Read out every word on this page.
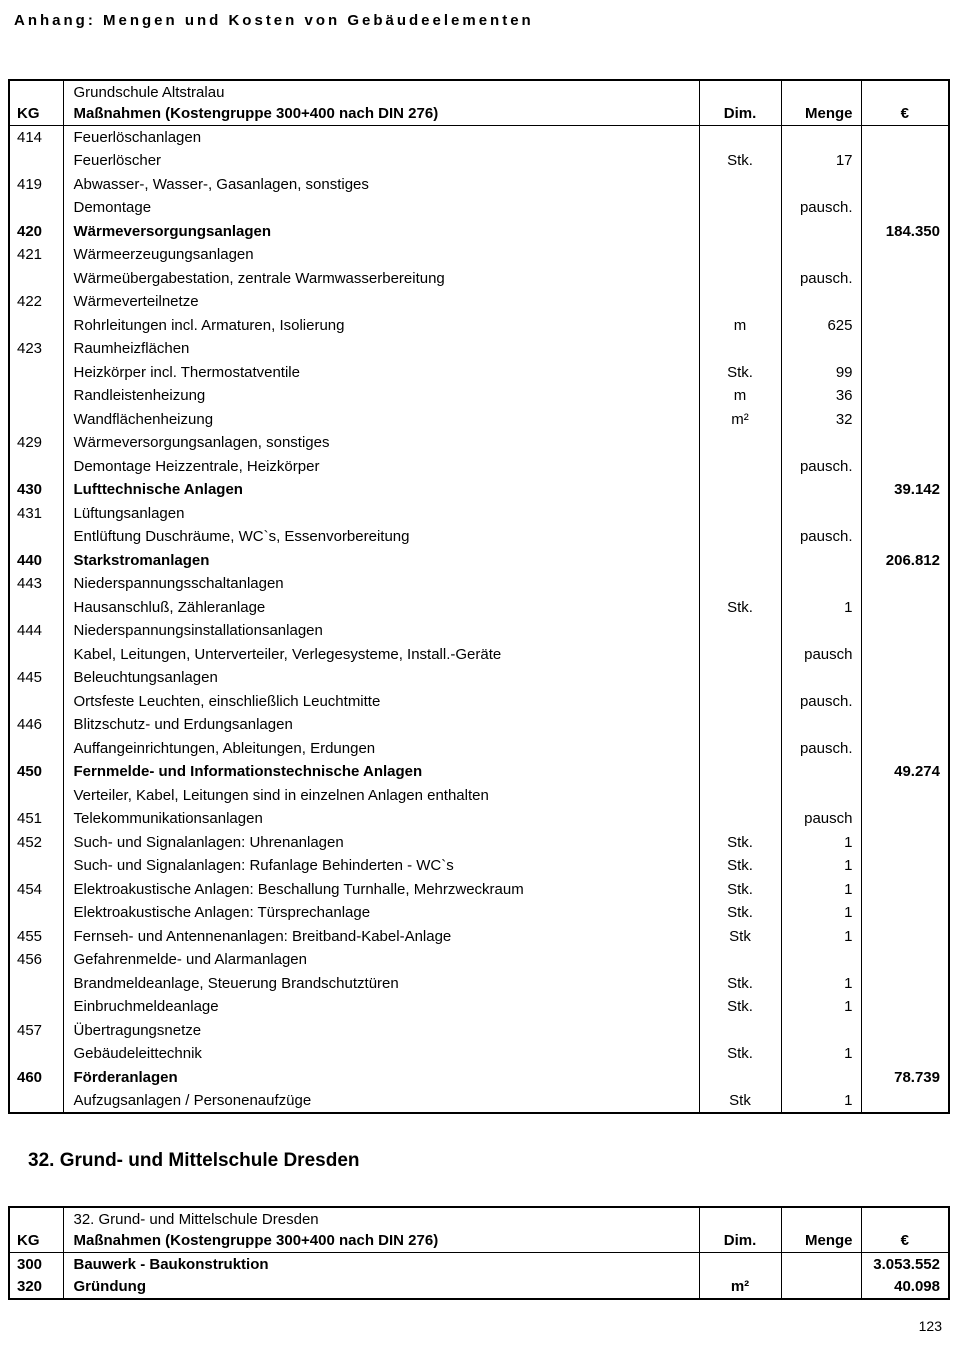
Anhang: Mengen und Kosten von Gebäudeelementen
KG	Grundschule Altstralau
Maßnahmen (Kostengruppe 300+400 nach DIN 276)	Dim.	Menge	€
414	Feuerlöschanlagen			
	Feuerlöscher	Stk.	17	
419	Abwasser-, Wasser-, Gasanlagen, sonstiges			
	Demontage		pausch.	
420	Wärmeversorgungsanlagen			184.350
421	Wärmeerzeugungsanlagen			
	Wärmeübergabestation, zentrale Warmwasserbereitung		pausch.	
422	Wärmeverteilnetze			
	Rohrleitungen incl. Armaturen, Isolierung	m	625	
423	Raumheizflächen			
	Heizkörper incl. Thermostatventile	Stk.	99	
	Randleistenheizung	m	36	
	Wandflächenheizung	m²	32	
429	Wärmeversorgungsanlagen, sonstiges			
	Demontage Heizzentrale, Heizkörper		pausch.	
430	Lufttechnische Anlagen			39.142
431	Lüftungsanlagen			
	Entlüftung Duschräume, WC`s, Essenvorbereitung		pausch.	
440	Starkstromanlagen			206.812
443	Niederspannungsschaltanlagen			
	Hausanschluß, Zähleranlage	Stk.	1	
444	Niederspannungsinstallationsanlagen			
	Kabel, Leitungen, Unterverteiler, Verlegesysteme, Install.-Geräte		pausch	
445	Beleuchtungsanlagen			
	Ortsfeste Leuchten, einschließlich Leuchtmitte		pausch.	
446	Blitzschutz- und Erdungsanlagen			
	Auffangeinrichtungen, Ableitungen, Erdungen		pausch.	
450	Fernmelde- und Informationstechnische Anlagen			49.274
	Verteiler, Kabel, Leitungen sind in einzelnen Anlagen enthalten			
451	Telekommunikationsanlagen		pausch	
452	Such- und Signalanlagen: Uhrenanlagen	Stk.	1	
	Such- und Signalanlagen: Rufanlage Behinderten - WC`s	Stk.	1	
454	Elektroakustische Anlagen: Beschallung Turnhalle, Mehrzweckraum	Stk.	1	
	Elektroakustische Anlagen: Türsprechanlage	Stk.	1	
455	Fernseh- und Antennenanlagen: Breitband-Kabel-Anlage	Stk	1	
456	Gefahrenmelde- und Alarmanlagen			
	Brandmeldeanlage, Steuerung Brandschutztüren	Stk.	1	
	Einbruchmeldeanlage	Stk.	1	
457	Übertragungsnetze			
	Gebäudeleittechnik	Stk.	1	
460	Förderanlagen			78.739
	Aufzugsanlagen / Personenaufzüge	Stk	1	
32. Grund- und Mittelschule Dresden
KG	32. Grund- und Mittelschule Dresden
Maßnahmen (Kostengruppe 300+400 nach DIN 276)	Dim.	Menge	€
300	Bauwerk - Baukonstruktion			3.053.552
320	Gründung	m²		40.098
123
